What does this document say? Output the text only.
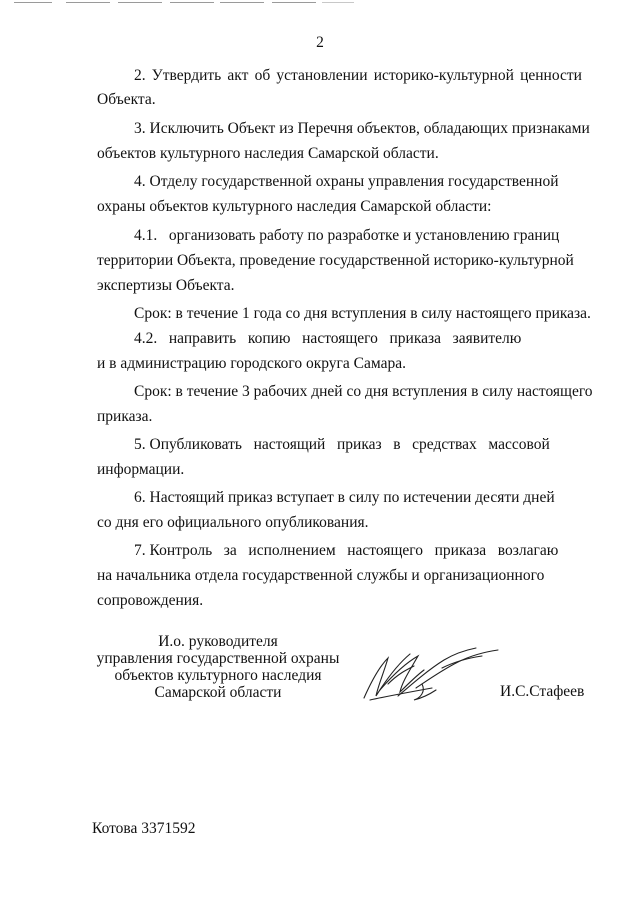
2
2. Утвердить акт об установлении историко-культурной ценности
Объекта.
3. Исключить Объект из Перечня объектов, обладающих признаками
объектов культурного наследия Самарской области.
4. Отделу государственной охраны управления государственной
охраны объектов культурного наследия Самарской области:
4.1.   организовать работу по разработке и установлению границ
территории Объекта, проведение государственной историко-культурной
экспертизы Объекта.
Срок: в течение 1 года со дня вступления в силу настоящего приказа.
4.2.   направить   копию   настоящего   приказа   заявителю
и в администрацию городского округа Самара.
Срок: в течение 3 рабочих дней со дня вступления в силу настоящего
приказа.
5. Опубликовать   настоящий   приказ   в   средствах   массовой
информации.
6. Настоящий приказ вступает в силу по истечении десяти дней
со дня его официального опубликования.
7. Контроль   за   исполнением   настоящего   приказа   возлагаю
на начальника отдела государственной службы и организационного
сопровождения.
И.о. руководителя
управления государственной охраны
объектов культурного наследия
Самарской области	И.С.Стафеев
Котова 3371592
